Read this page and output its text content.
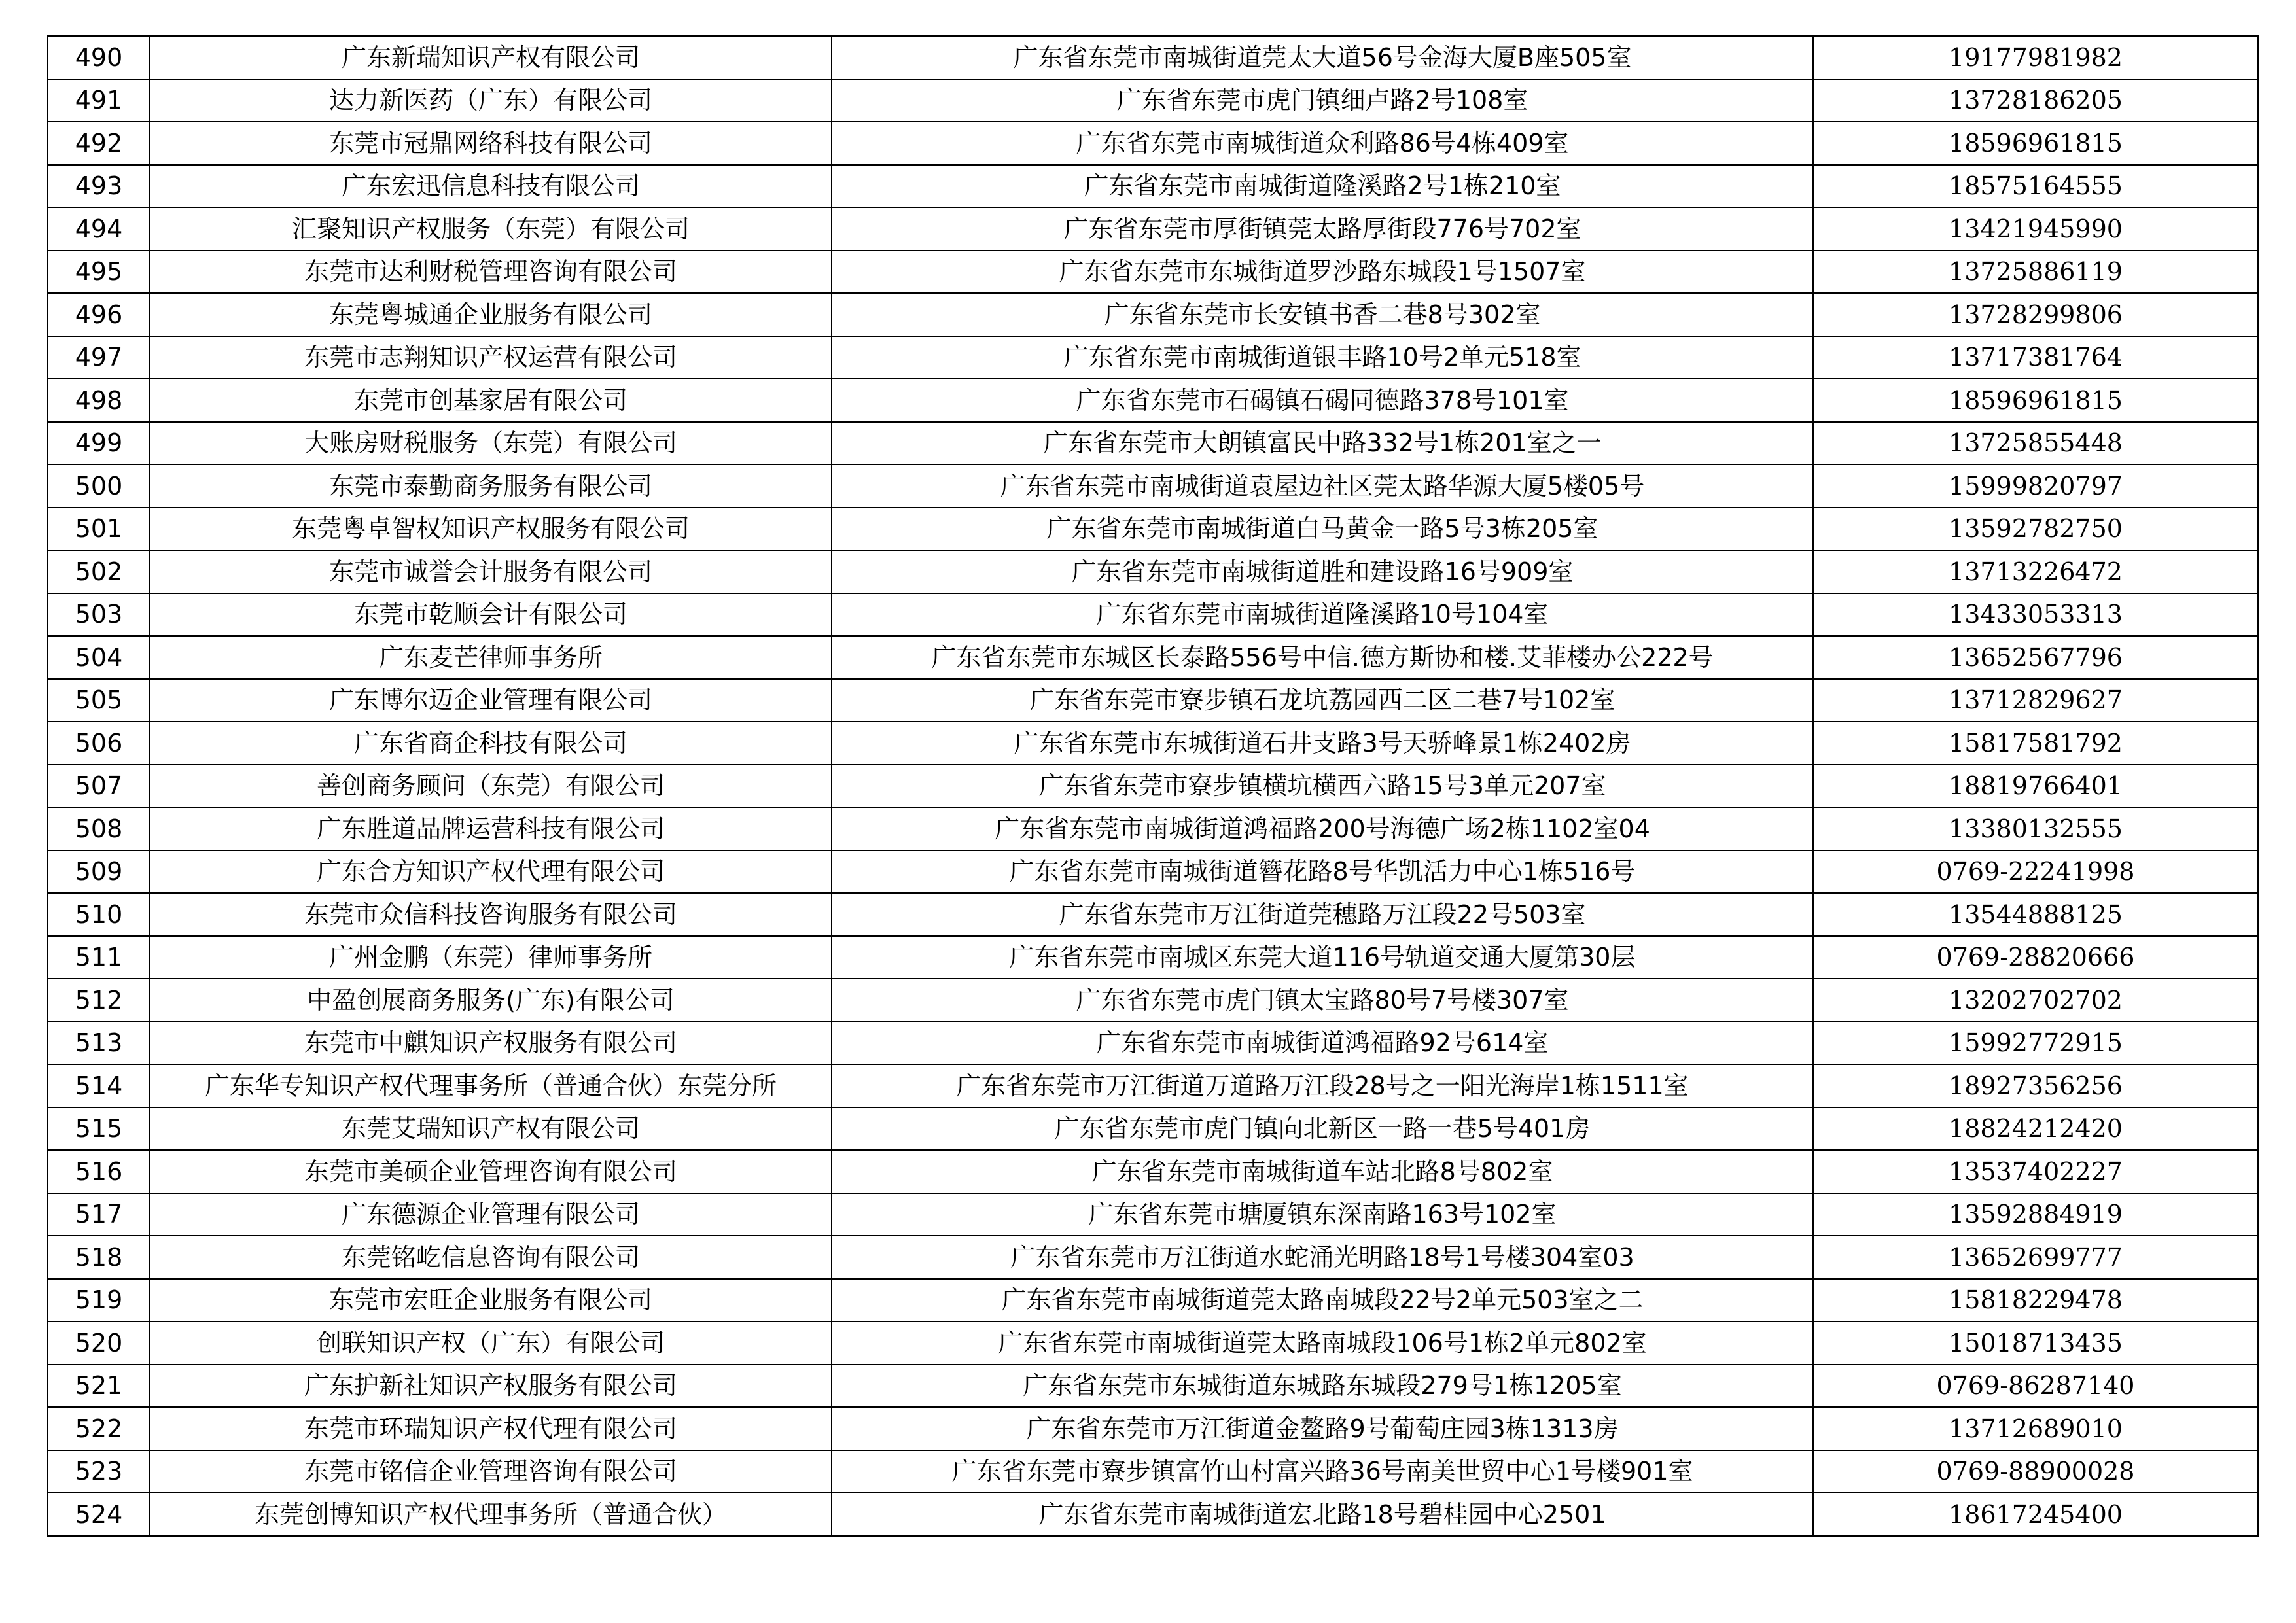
490	广东新瑞知识产权有限公司	广东省东莞市南城街道莞太大道56号金海大厦B座505室	19177981982
491	达力新医药（广东）有限公司	广东省东莞市虎门镇细卢路2号108室	13728186205
492	东莞市冠鼎网络科技有限公司	广东省东莞市南城街道众利路86号4栋409室	18596961815
493	广东宏迅信息科技有限公司	广东省东莞市南城街道隆溪路2号1栋210室	18575164555
494	汇聚知识产权服务（东莞）有限公司	广东省东莞市厚街镇莞太路厚街段776号702室	13421945990
495	东莞市达利财税管理咨询有限公司	广东省东莞市东城街道罗沙路东城段1号1507室	13725886119
496	东莞粤城通企业服务有限公司	广东省东莞市长安镇书香二巷8号302室	13728299806
497	东莞市志翔知识产权运营有限公司	广东省东莞市南城街道银丰路10号2单元518室	13717381764
498	东莞市创基家居有限公司	广东省东莞市石碣镇石碣同德路378号101室	18596961815
499	大账房财税服务（东莞）有限公司	广东省东莞市大朗镇富民中路332号1栋201室之一	13725855448
500	东莞市泰勤商务服务有限公司	广东省东莞市南城街道袁屋边社区莞太路华源大厦5楼05号	15999820797
501	东莞粤卓智权知识产权服务有限公司	广东省东莞市南城街道白马黄金一路5号3栋205室	13592782750
502	东莞市诚誉会计服务有限公司	广东省东莞市南城街道胜和建设路16号909室	13713226472
503	东莞市乾顺会计有限公司	广东省东莞市南城街道隆溪路10号104室	13433053313
504	广东麦芒律师事务所	广东省东莞市东城区长泰路556号中信.德方斯协和楼.艾菲楼办公222号	13652567796
505	广东博尔迈企业管理有限公司	广东省东莞市寮步镇石龙坑荔园西二区二巷7号102室	13712829627
506	广东省商企科技有限公司	广东省东莞市东城街道石井支路3号天骄峰景1栋2402房	15817581792
507	善创商务顾问（东莞）有限公司	广东省东莞市寮步镇横坑横西六路15号3单元207室	18819766401
508	广东胜道品牌运营科技有限公司	广东省东莞市南城街道鸿福路200号海德广场2栋1102室04	13380132555
509	广东合方知识产权代理有限公司	广东省东莞市南城街道簪花路8号华凯活力中心1栋516号	0769-22241998
510	东莞市众信科技咨询服务有限公司	广东省东莞市万江街道莞穗路万江段22号503室	13544888125
511	广州金鹏（东莞）律师事务所	广东省东莞市南城区东莞大道116号轨道交通大厦第30层	0769-28820666
512	中盈创展商务服务(广东)有限公司	广东省东莞市虎门镇太宝路80号7号楼307室	13202702702
513	东莞市中麒知识产权服务有限公司	广东省东莞市南城街道鸿福路92号614室	15992772915
514	广东华专知识产权代理事务所（普通合伙）东莞分所	广东省东莞市万江街道万道路万江段28号之一阳光海岸1栋1511室	18927356256
515	东莞艾瑞知识产权有限公司	广东省东莞市虎门镇向北新区一路一巷5号401房	18824212420
516	东莞市美硕企业管理咨询有限公司	广东省东莞市南城街道车站北路8号802室	13537402227
517	广东德源企业管理有限公司	广东省东莞市塘厦镇东深南路163号102室	13592884919
518	东莞铭屹信息咨询有限公司	广东省东莞市万江街道水蛇涌光明路18号1号楼304室03	13652699777
519	东莞市宏旺企业服务有限公司	广东省东莞市南城街道莞太路南城段22号2单元503室之二	15818229478
520	创联知识产权（广东）有限公司	广东省东莞市南城街道莞太路南城段106号1栋2单元802室	15018713435
521	广东护新社知识产权服务有限公司	广东省东莞市东城街道东城路东城段279号1栋1205室	0769-86287140
522	东莞市环瑞知识产权代理有限公司	广东省东莞市万江街道金鳌路9号葡萄庄园3栋1313房	13712689010
523	东莞市铭信企业管理咨询有限公司	广东省东莞市寮步镇富竹山村富兴路36号南美世贸中心1号楼901室	0769-88900028
524	东莞创博知识产权代理事务所（普通合伙）	广东省东莞市南城街道宏北路18号碧桂园中心2501	18617245400
